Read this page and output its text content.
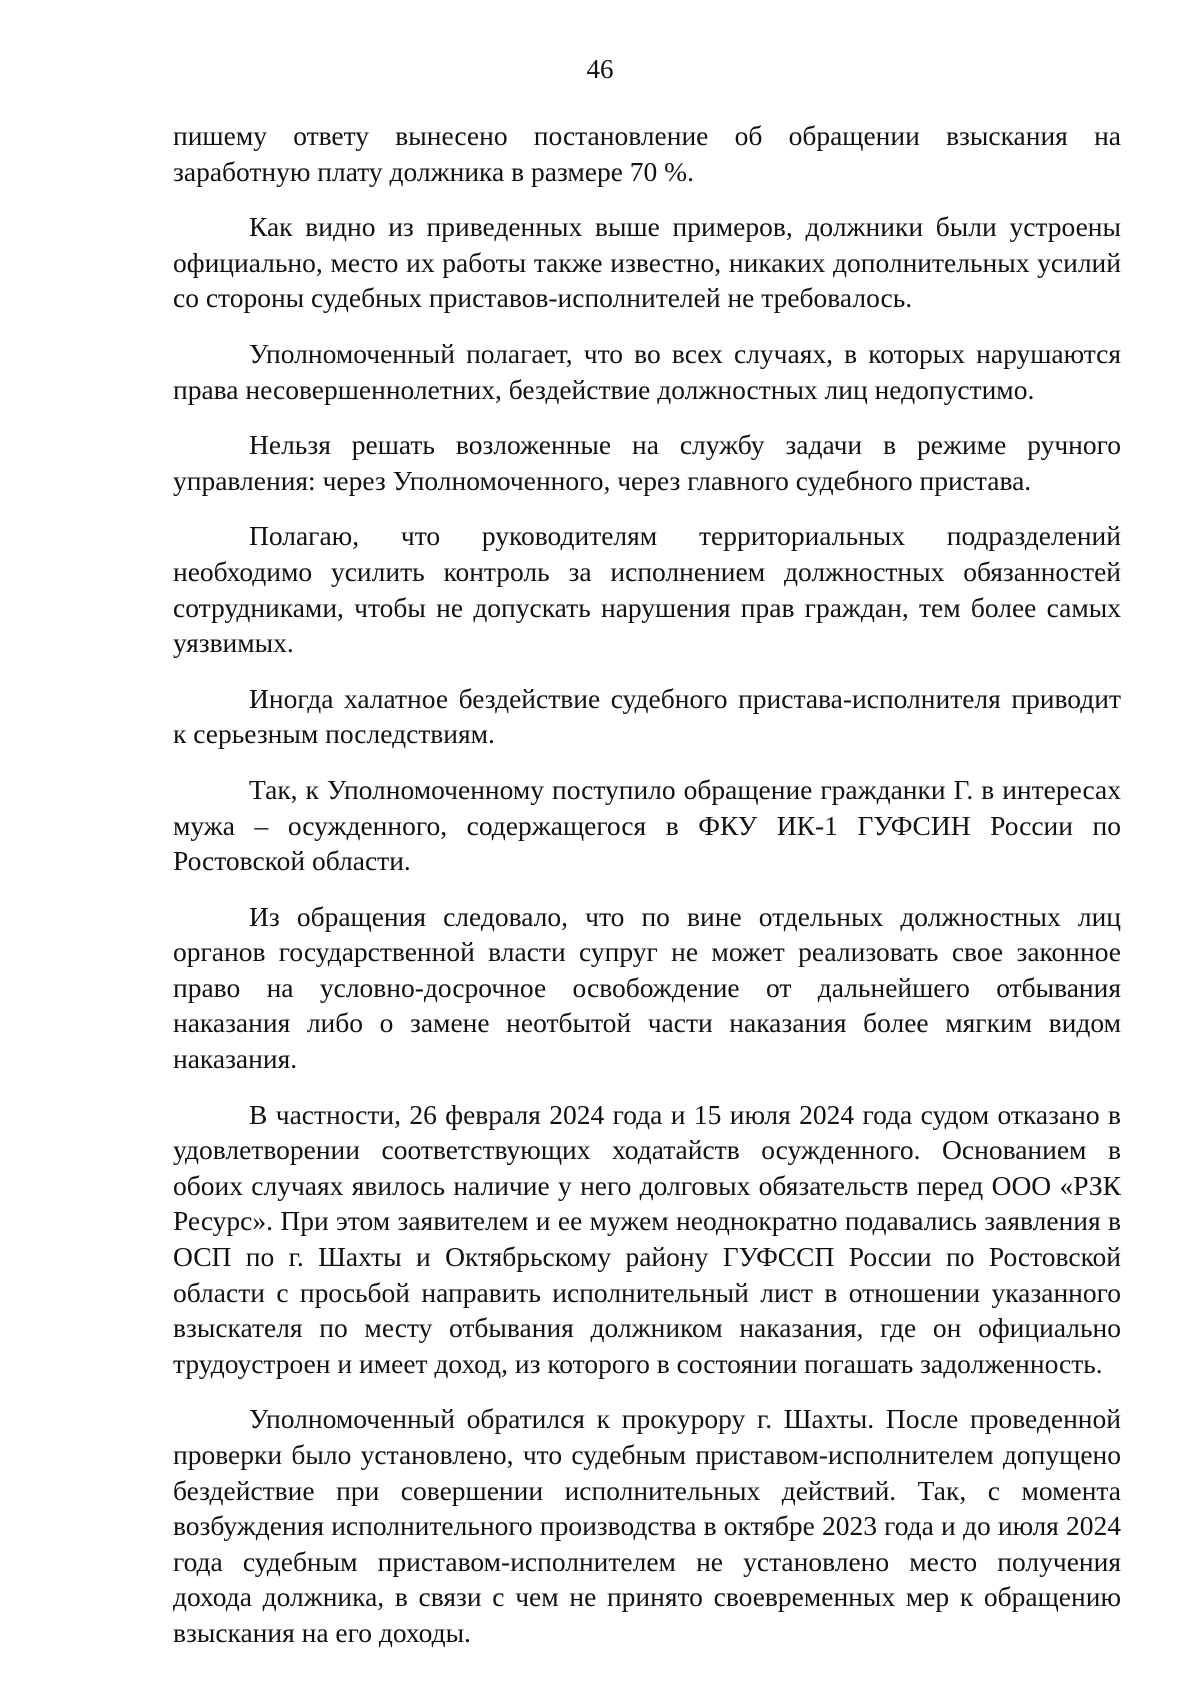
46

пишему ответу вынесено постановление об обращении взыскания на заработную плату должника в размере 70 %.

Как видно из приведенных выше примеров, должники были устроены официально, место их работы также известно, никаких дополнительных усилий со стороны судебных приставов-исполнителей не требовалось.

Уполномоченный полагает, что во всех случаях, в которых нарушаются права несовершеннолетних, бездействие должностных лиц недопустимо.

Нельзя решать возложенные на службу задачи в режиме ручного управления: через Уполномоченного, через главного судебного пристава.

Полагаю, что руководителям территориальных подразделений необходимо усилить контроль за исполнением должностных обязанностей сотрудниками, чтобы не допускать нарушения прав граждан, тем более самых уязвимых.

Иногда халатное бездействие судебного пристава-исполнителя приводит к серьезным последствиям.

Так, к Уполномоченному поступило обращение гражданки Г. в интересах мужа – осужденного, содержащегося в ФКУ ИК-1 ГУФСИН России по Ростовской области.

Из обращения следовало, что по вине отдельных должностных лиц органов государственной власти супруг не может реализовать свое законное право на условно-досрочное освобождение от дальнейшего отбывания наказания либо о замене неотбытой части наказания более мягким видом наказания.

В частности, 26 февраля 2024 года и 15 июля 2024 года судом отказано в удовлетворении соответствующих ходатайств осужденного. Основанием в обоих случаях явилось наличие у него долговых обязательств перед ООО «РЗК Ресурс». При этом заявителем и ее мужем неоднократно подавались заявления в ОСП по г. Шахты и Октябрьскому району ГУФССП России по Ростовской области с просьбой направить исполнительный лист в отношении указанного взыскателя по месту отбывания должником наказания, где он официально трудоустроен и имеет доход, из которого в состоянии погашать задолженность.

Уполномоченный обратился к прокурору г. Шахты. После проведенной проверки было установлено, что судебным приставом-исполнителем допущено бездействие при совершении исполнительных действий. Так, с момента возбуждения исполнительного производства в октябре 2023 года и до июля 2024 года судебным приставом-исполнителем не установлено место получения дохода должника, в связи с чем не принято своевременных мер к обращению взыскания на его доходы.
